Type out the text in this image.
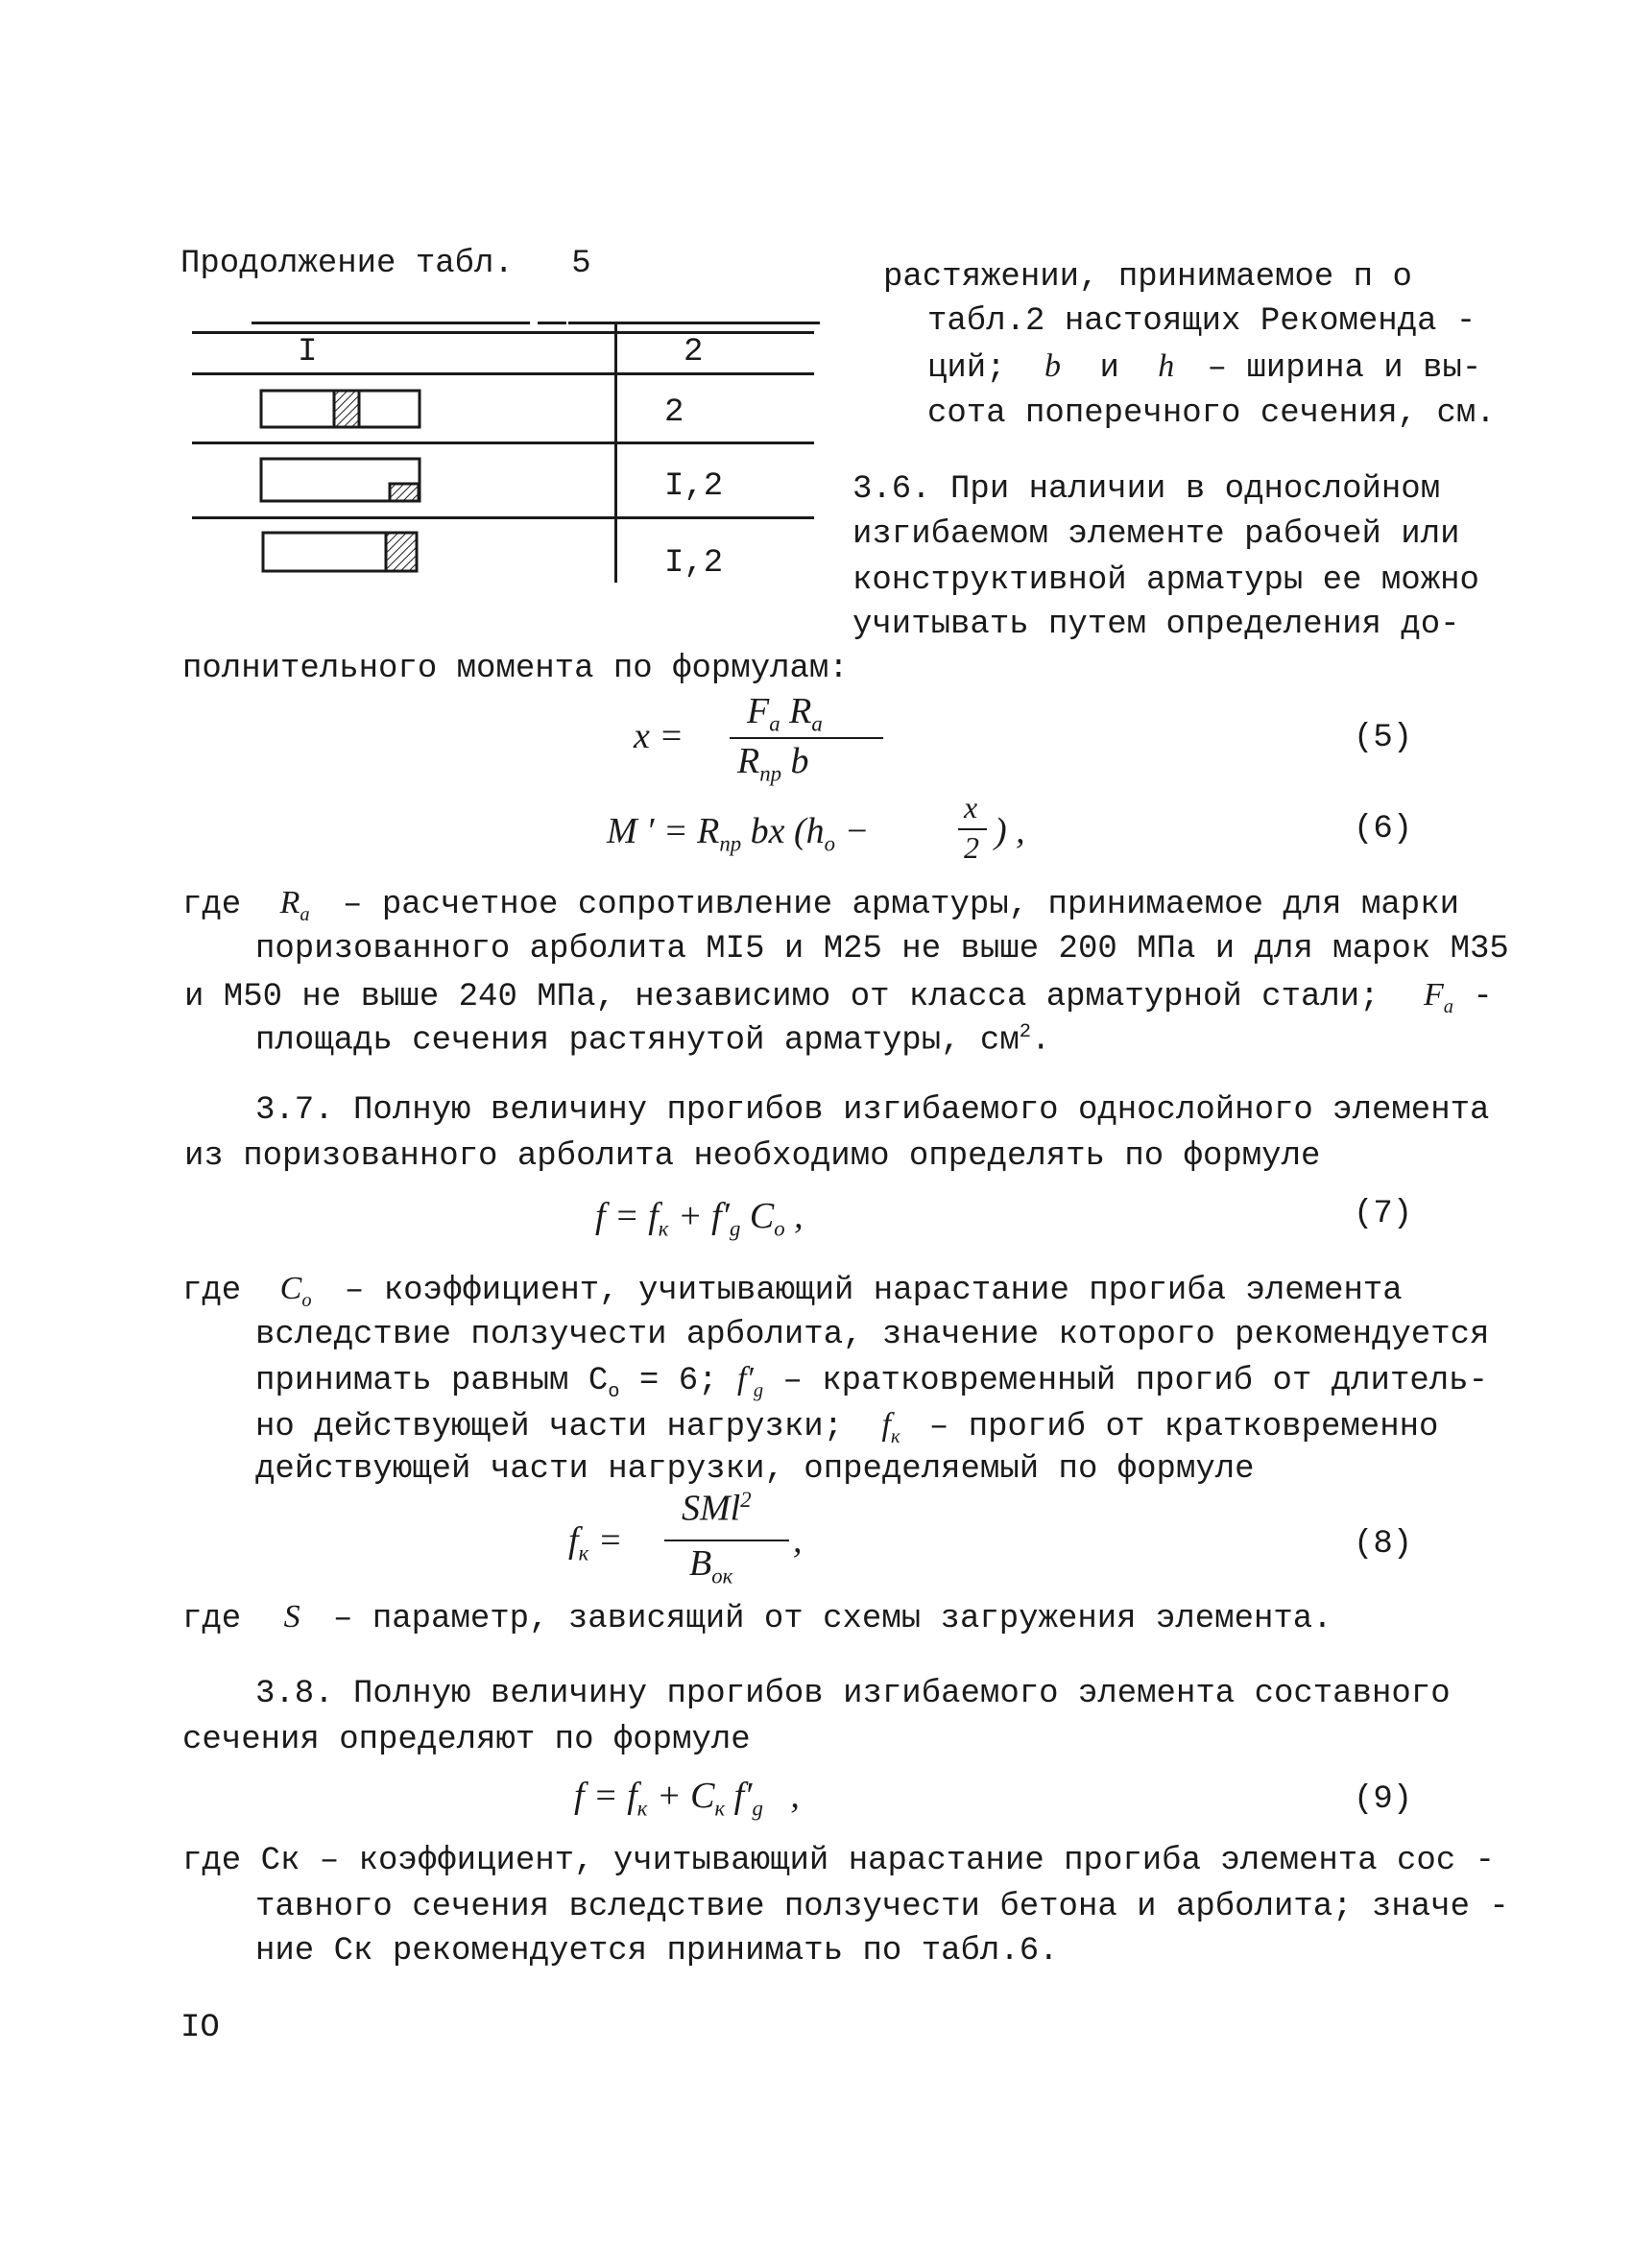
Продолжение табл. 5
I	2
2
I,2
I,2
растяжении, принимаемое п о
табл.2 настоящих Рекоменда -
ций; b и h – ширина и вы-
сота поперечного сечения, см.
3.6. При наличии в однослойном
изгибаемом элементе рабочей или
конструктивной арматуры ее можно
учитывать путем определения до-
полнительного момента по формулам:
x =
$F_a$ $R_a$
$R_{пр}$ b
(5)
M ′ = $R_{пр}$ bx ($h_o$ −
x
2 ) ,	(6)
где $R_a$ – расчетное сопротивление арматуры, принимаемое для марки
поризованного арболита MI5 и M25 не выше 200 МПа и для марок M35
и M50 не выше 240 МПа, независимо от класса арматурной стали; $F_a$ -
площадь сечения растянутой арматуры, $см^2$.
3.7. Полную величину прогибов изгибаемого однослойного элемента
из поризованного арболита необходимо определять по формуле
$f = f_к + f'_g$ $C_o$ ,	(7)
где $C_o$ – коэффициент, учитывающий нарастание прогиба элемента
вследствие ползучести арболита, значение которого рекомендуется
принимать равным $C_o = 6$; $f'_g$ – кратковременный прогиб от длитель-
но действующей части нагрузки; $f_к$ – прогиб от кратковременно
действующей части нагрузки, определяемый по формуле
$f_к$ =
SMl$^2$
$B_{ок}$
,	(8)
где S – параметр, зависящий от схемы загружения элемента.
3.8. Полную величину прогибов изгибаемого элемента составного
сечения определяют по формуле
$f = f_к + C_к$ $f'_g$   ,	(9)
где Ск – коэффициент, учитывающий нарастание прогиба элемента сос -
тавного сечения вследствие ползучести бетона и арболита; значе -
ние Ск рекомендуется принимать по табл.6.
IO
